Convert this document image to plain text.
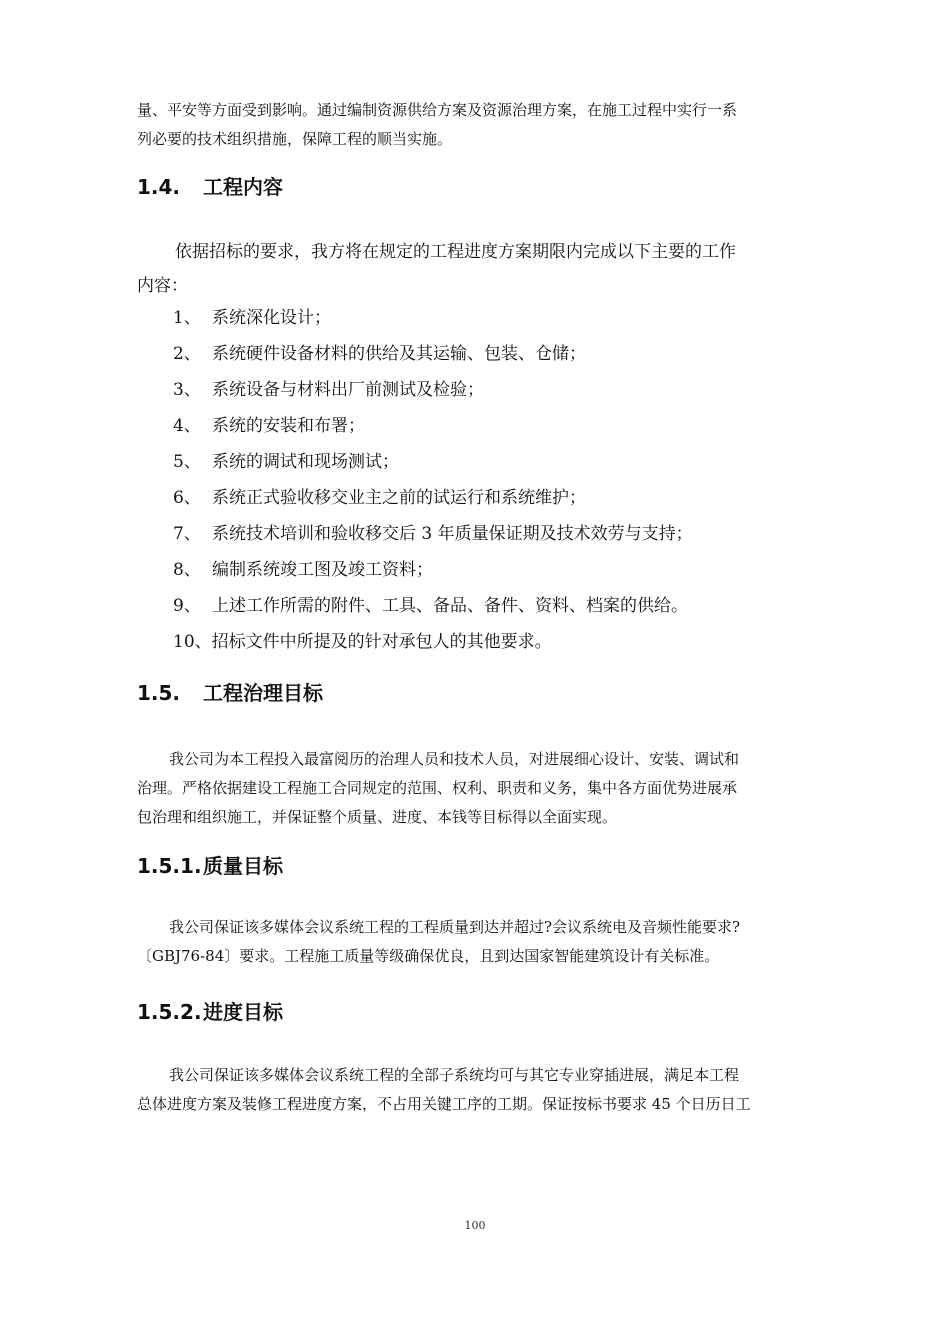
量、平安等方面受到影响。通过编制资源供给方案及资源治理方案，在施工过程中实行一系
列必要的技术组织措施，保障工程的顺当实施。

1.4. 工程内容

依据招标的要求，我方将在规定的工程进度方案期限内完成以下主要的工作
内容：

1、 系统深化设计；
2、 系统硬件设备材料的供给及其运输、包装、仓储；
3、 系统设备与材料出厂前测试及检验；
4、 系统的安装和布署；
5、 系统的调试和现场测试；
6、 系统正式验收移交业主之前的试运行和系统维护；
7、 系统技术培训和验收移交后 3 年质量保证期及技术效劳与支持；
8、 编制系统竣工图及竣工资料；
9、 上述工作所需的附件、工具、备品、备件、资料、档案的供给。
10、招标文件中所提及的针对承包人的其他要求。
1.5. 工程治理目标

我公司为本工程投入最富阅历的治理人员和技术人员，对进展细心设计、安装、调试和
治理。严格依据建设工程施工合同规定的范围、权利、职责和义务，集中各方面优势进展承
包治理和组织施工，并保证整个质量、进度、本钱等目标得以全面实现。

1.5.1.质量目标

我公司保证该多媒体会议系统工程的工程质量到达并超过?会议系统电及音频性能要求?
〔GBJ76-84〕要求。工程施工质量等级确保优良，且到达国家智能建筑设计有关标准。

1.5.2.进度目标

我公司保证该多媒体会议系统工程的全部子系统均可与其它专业穿插进展，满足本工程
总体进度方案及装修工程进度方案，不占用关键工序的工期。保证按标书要求 45 个日历日工

100
